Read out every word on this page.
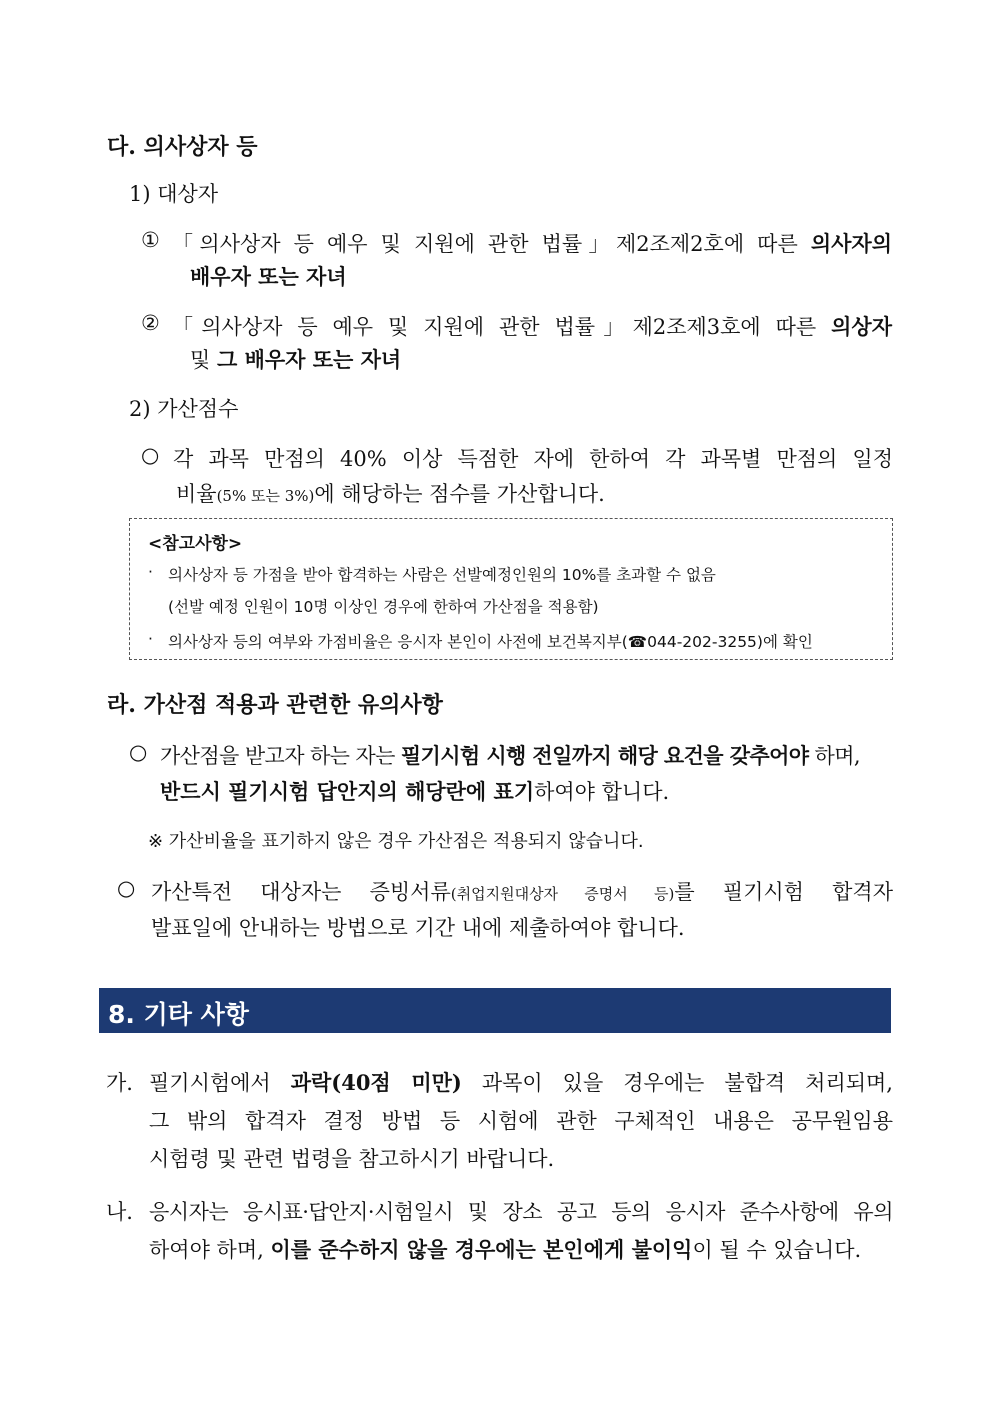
다. 의사상자 등
1) 대상자
① 「의사상자 등 예우 및 지원에 관한 법률」제2조제2호에 따른 의사자의
배우자 또는 자녀
② 「의사상자 등 예우 및 지원에 관한 법률」제2조제3호에 따른 의상자
및 그 배우자 또는 자녀
2) 가산점수
○ 각 과목 만점의 40% 이상 득점한 자에 한하여 각 과목별 만점의 일정
비율(5% 또는 3%)에 해당하는 점수를 가산합니다.
<참고사항>
· 의사상자 등 가점을 받아 합격하는 사람은 선발예정인원의 10%를 초과할 수 없음
(선발 예정 인원이 10명 이상인 경우에 한하여 가산점을 적용함)
· 의사상자 등의 여부와 가점비율은 응시자 본인이 사전에 보건복지부(☎044-202-3255)에 확인
라. 가산점 적용과 관련한 유의사항
○ 가산점을 받고자 하는 자는 필기시험 시행 전일까지 해당 요건을 갖추어야 하며,
반드시 필기시험 답안지의 해당란에 표기하여야 합니다.
※ 가산비율을 표기하지 않은 경우 가산점은 적용되지 않습니다.
○ 가산특전 대상자는 증빙서류(취업지원대상자 증명서 등)를 필기시험 합격자
발표일에 안내하는 방법으로 기간 내에 제출하여야 합니다.
8. 기타 사항
가. 필기시험에서 과락(40점 미만) 과목이 있을 경우에는 불합격 처리되며,
그 밖의 합격자 결정 방법 등 시험에 관한 구체적인 내용은 공무원임용
시험령 및 관련 법령을 참고하시기 바랍니다.
나. 응시자는 응시표·답안지·시험일시 및 장소 공고 등의 응시자 준수사항에 유의
하여야 하며, 이를 준수하지 않을 경우에는 본인에게 불이익이 될 수 있습니다.
